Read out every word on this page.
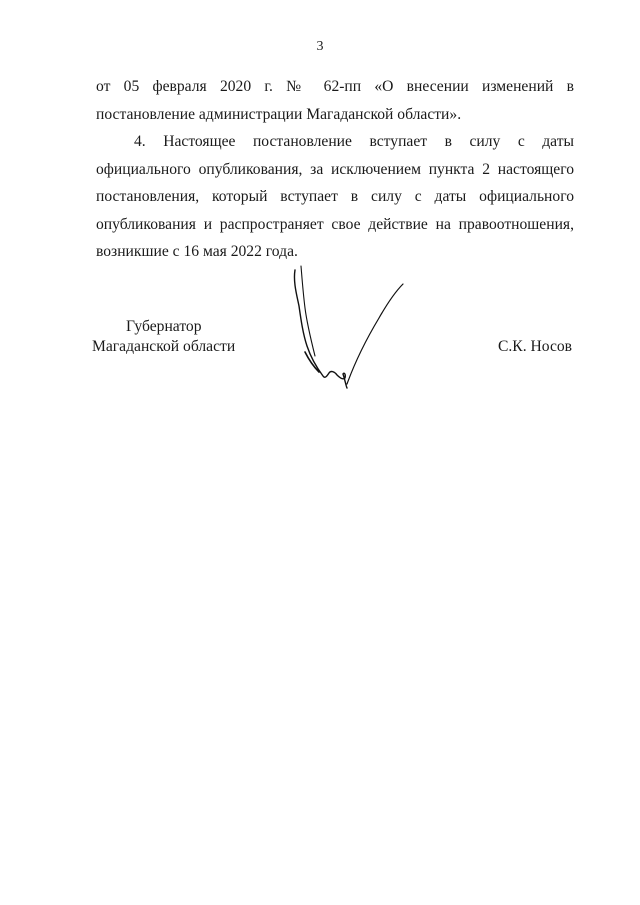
3

от 05 февраля 2020 г. № 62-пп «О внесении изменений в постановление администрации Магаданской области».

4. Настоящее постановление вступает в силу с даты официального опубликования, за исключением пункта 2 настоящего постановления, который вступает в силу с даты официального опубликования и распространяет свое действие на правоотношения, возникшие с 16 мая 2022 года.

Губернатор
Магаданской области	С.К. Носов
